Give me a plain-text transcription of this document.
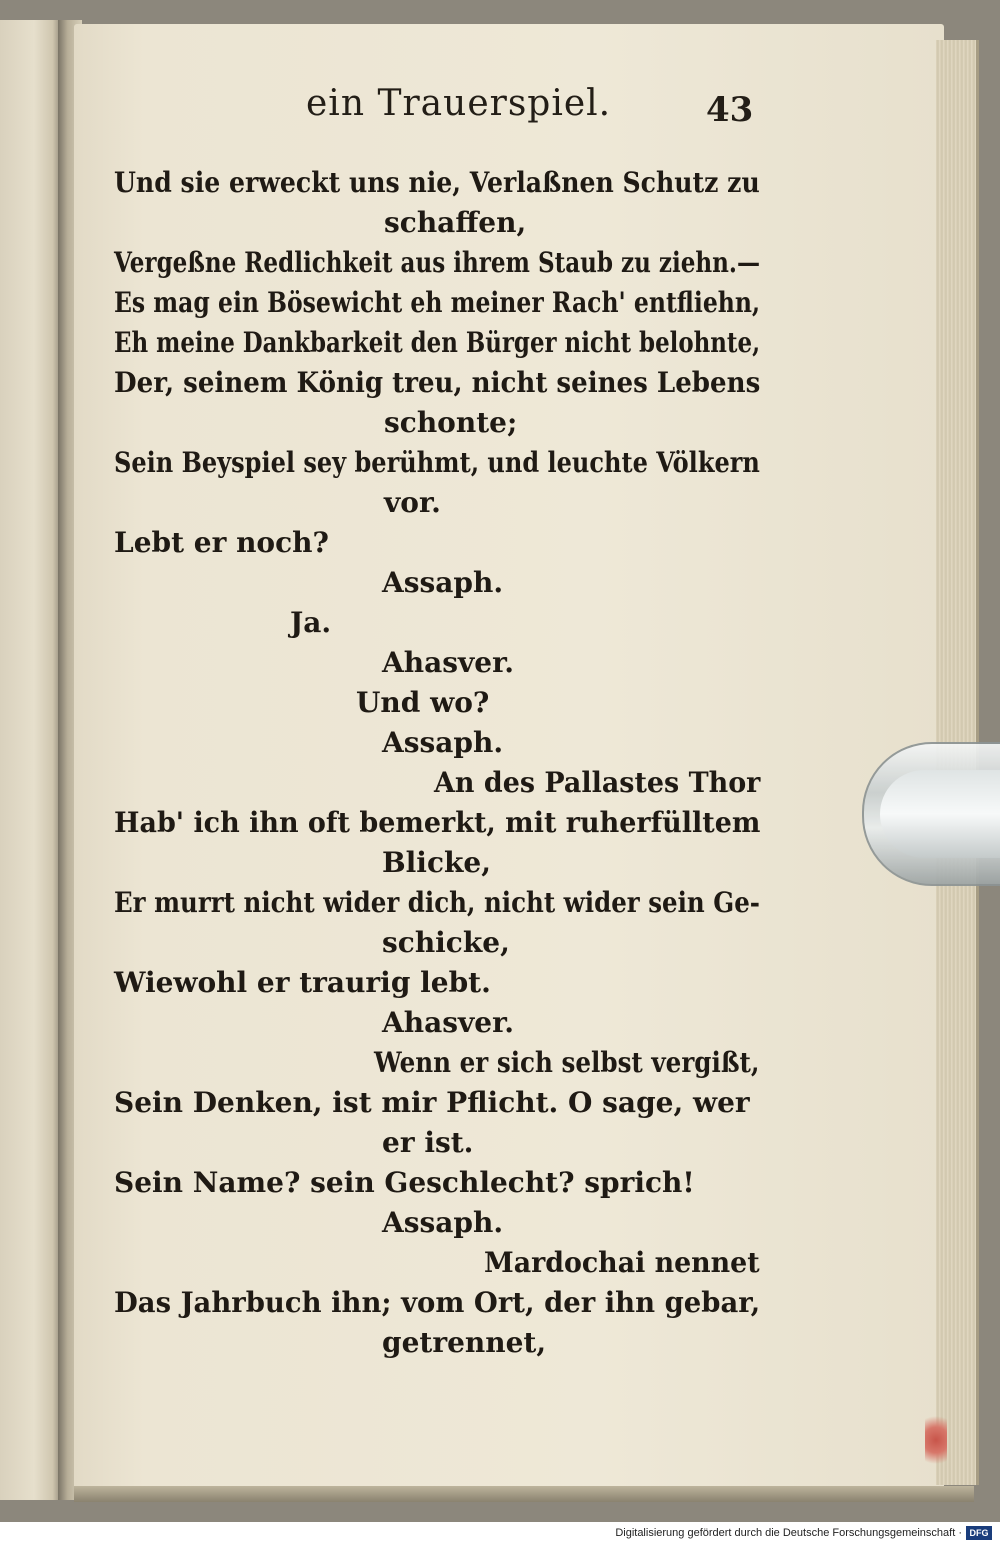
ein Trauerspiel.	43
Und sie erweckt uns nie, Verlaßnen Schutz zu
schaffen,
Vergeßne Redlichkeit aus ihrem Staub zu ziehn.—
Es mag ein Bösewicht eh meiner Rach' entfliehn,
Eh meine Dankbarkeit den Bürger nicht belohnte,
Der, seinem König treu, nicht seines Lebens
schonte;
Sein Beyspiel sey berühmt, und leuchte Völkern
vor.
Lebt er noch?
Assaph.
Ja.
Ahasver.
Und wo?
Assaph.
An des Pallastes Thor
Hab' ich ihn oft bemerkt, mit ruherfülltem
Blicke,
Er murrt nicht wider dich, nicht wider sein Ge-
schicke,
Wiewohl er traurig lebt.
Ahasver.
Wenn er sich selbst vergißt,
Sein Denken, ist mir Pflicht. O sage, wer
er ist.
Sein Name? sein Geschlecht? sprich!
Assaph.
Mardochai nennet
Das Jahrbuch ihn; vom Ort, der ihn gebar,
getrennet,
Digitalisierung gefördert durch die Deutsche Forschungsgemeinschaft · DFG
